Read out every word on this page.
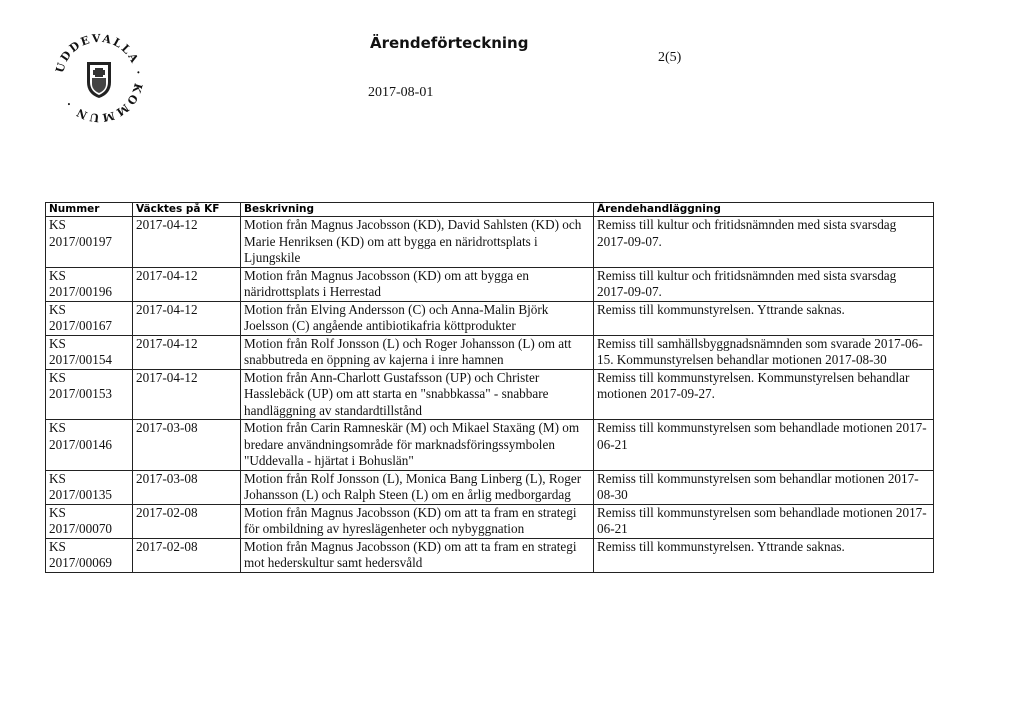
UDDEVALLA · KOMMUN ·
Ärendeförteckning
2(5)
2017-08-01
Nummer	Väcktes på KF	Beskrivning	Ärendehandläggning

KS
2017/00197	2017-04-12	Motion från Magnus Jacobsson (KD), David Sahlsten (KD) och Marie Henriksen (KD) om att bygga en näridrottsplats i Ljungskile	Remiss till kultur och fritidsnämnden med sista svarsdag 2017-09-07.

KS
2017/00196	2017-04-12	Motion från Magnus Jacobsson (KD) om att bygga en näridrottsplats i Herrestad	Remiss till kultur och fritidsnämnden med sista svarsdag 2017-09-07.

KS
2017/00167	2017-04-12	Motion från Elving Andersson (C) och Anna-Malin Björk Joelsson (C) angående antibiotikafria köttprodukter	Remiss till kommunstyrelsen. Yttrande saknas.

KS
2017/00154	2017-04-12	Motion från Rolf Jonsson (L) och Roger Johansson (L) om att snabbutreda en öppning av kajerna i inre hamnen	Remiss till samhällsbyggnadsnämnden som svarade 2017-06-15. Kommunstyrelsen behandlar motionen 2017-08-30

KS
2017/00153	2017-04-12	Motion från Ann-Charlott Gustafsson (UP) och Christer Hasslebäck (UP) om att starta en "snabbkassa" - snabbare handläggning av standardtillstånd	Remiss till kommunstyrelsen. Kommunstyrelsen behandlar motionen 2017-09-27.

KS
2017/00146	2017-03-08	Motion från Carin Ramneskär (M) och Mikael Staxäng (M) om bredare användningsområde för marknadsföringssymbolen "Uddevalla - hjärtat i Bohuslän"	Remiss till kommunstyrelsen som behandlade motionen 2017-06-21

KS
2017/00135	2017-03-08	Motion från Rolf Jonsson (L), Monica Bang Linberg (L), Roger Johansson (L) och Ralph Steen (L) om en årlig medborgardag	Remiss till kommunstyrelsen som behandlar motionen 2017-08-30

KS
2017/00070	2017-02-08	Motion från Magnus Jacobsson (KD) om att ta fram en strategi för ombildning av hyreslägenheter och nybyggnation	Remiss till kommunstyrelsen som behandlade motionen 2017-06-21

KS
2017/00069	2017-02-08	Motion från Magnus Jacobsson (KD) om att ta fram en strategi mot hederskultur samt hedersvåld	Remiss till kommunstyrelsen. Yttrande saknas.
